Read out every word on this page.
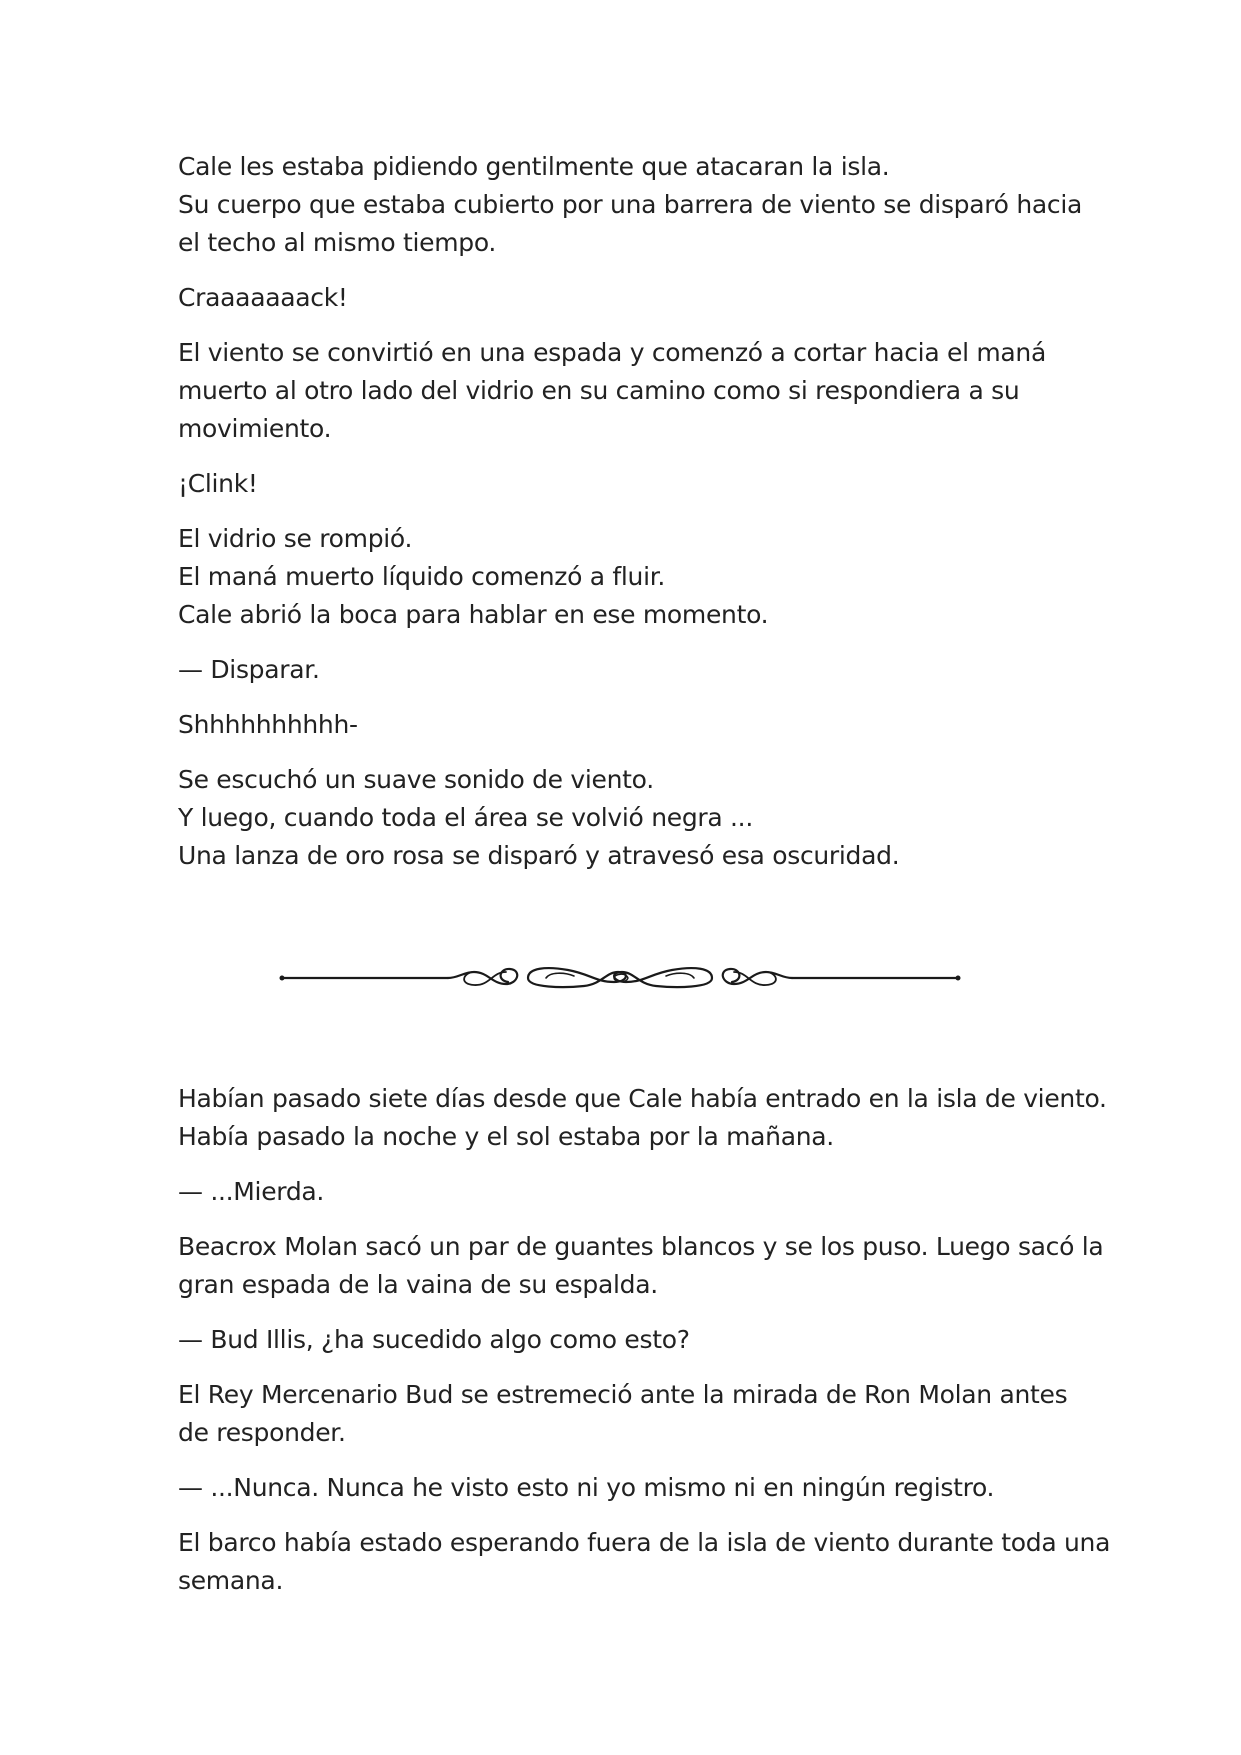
Cale les estaba pidiendo gentilmente que atacaran la isla.
Su cuerpo que estaba cubierto por una barrera de viento se disparó hacia
el techo al mismo tiempo.

Craaaaaaack!

El viento se convirtió en una espada y comenzó a cortar hacia el maná
muerto al otro lado del vidrio en su camino como si respondiera a su
movimiento.

¡Clink!

El vidrio se rompió.
El maná muerto líquido comenzó a fluir.
Cale abrió la boca para hablar en ese momento.

— Disparar.

Shhhhhhhhhh-

Se escuchó un suave sonido de viento.
Y luego, cuando toda el área se volvió negra ...
Una lanza de oro rosa se disparó y atravesó esa oscuridad.

Habían pasado siete días desde que Cale había entrado en la isla de viento.
Había pasado la noche y el sol estaba por la mañana.

— ...Mierda.

Beacrox Molan sacó un par de guantes blancos y se los puso. Luego sacó la
gran espada de la vaina de su espalda.

— Bud Illis, ¿ha sucedido algo como esto?

El Rey Mercenario Bud se estremeció ante la mirada de Ron Molan antes
de responder.

— ...Nunca. Nunca he visto esto ni yo mismo ni en ningún registro.

El barco había estado esperando fuera de la isla de viento durante toda una
semana.
